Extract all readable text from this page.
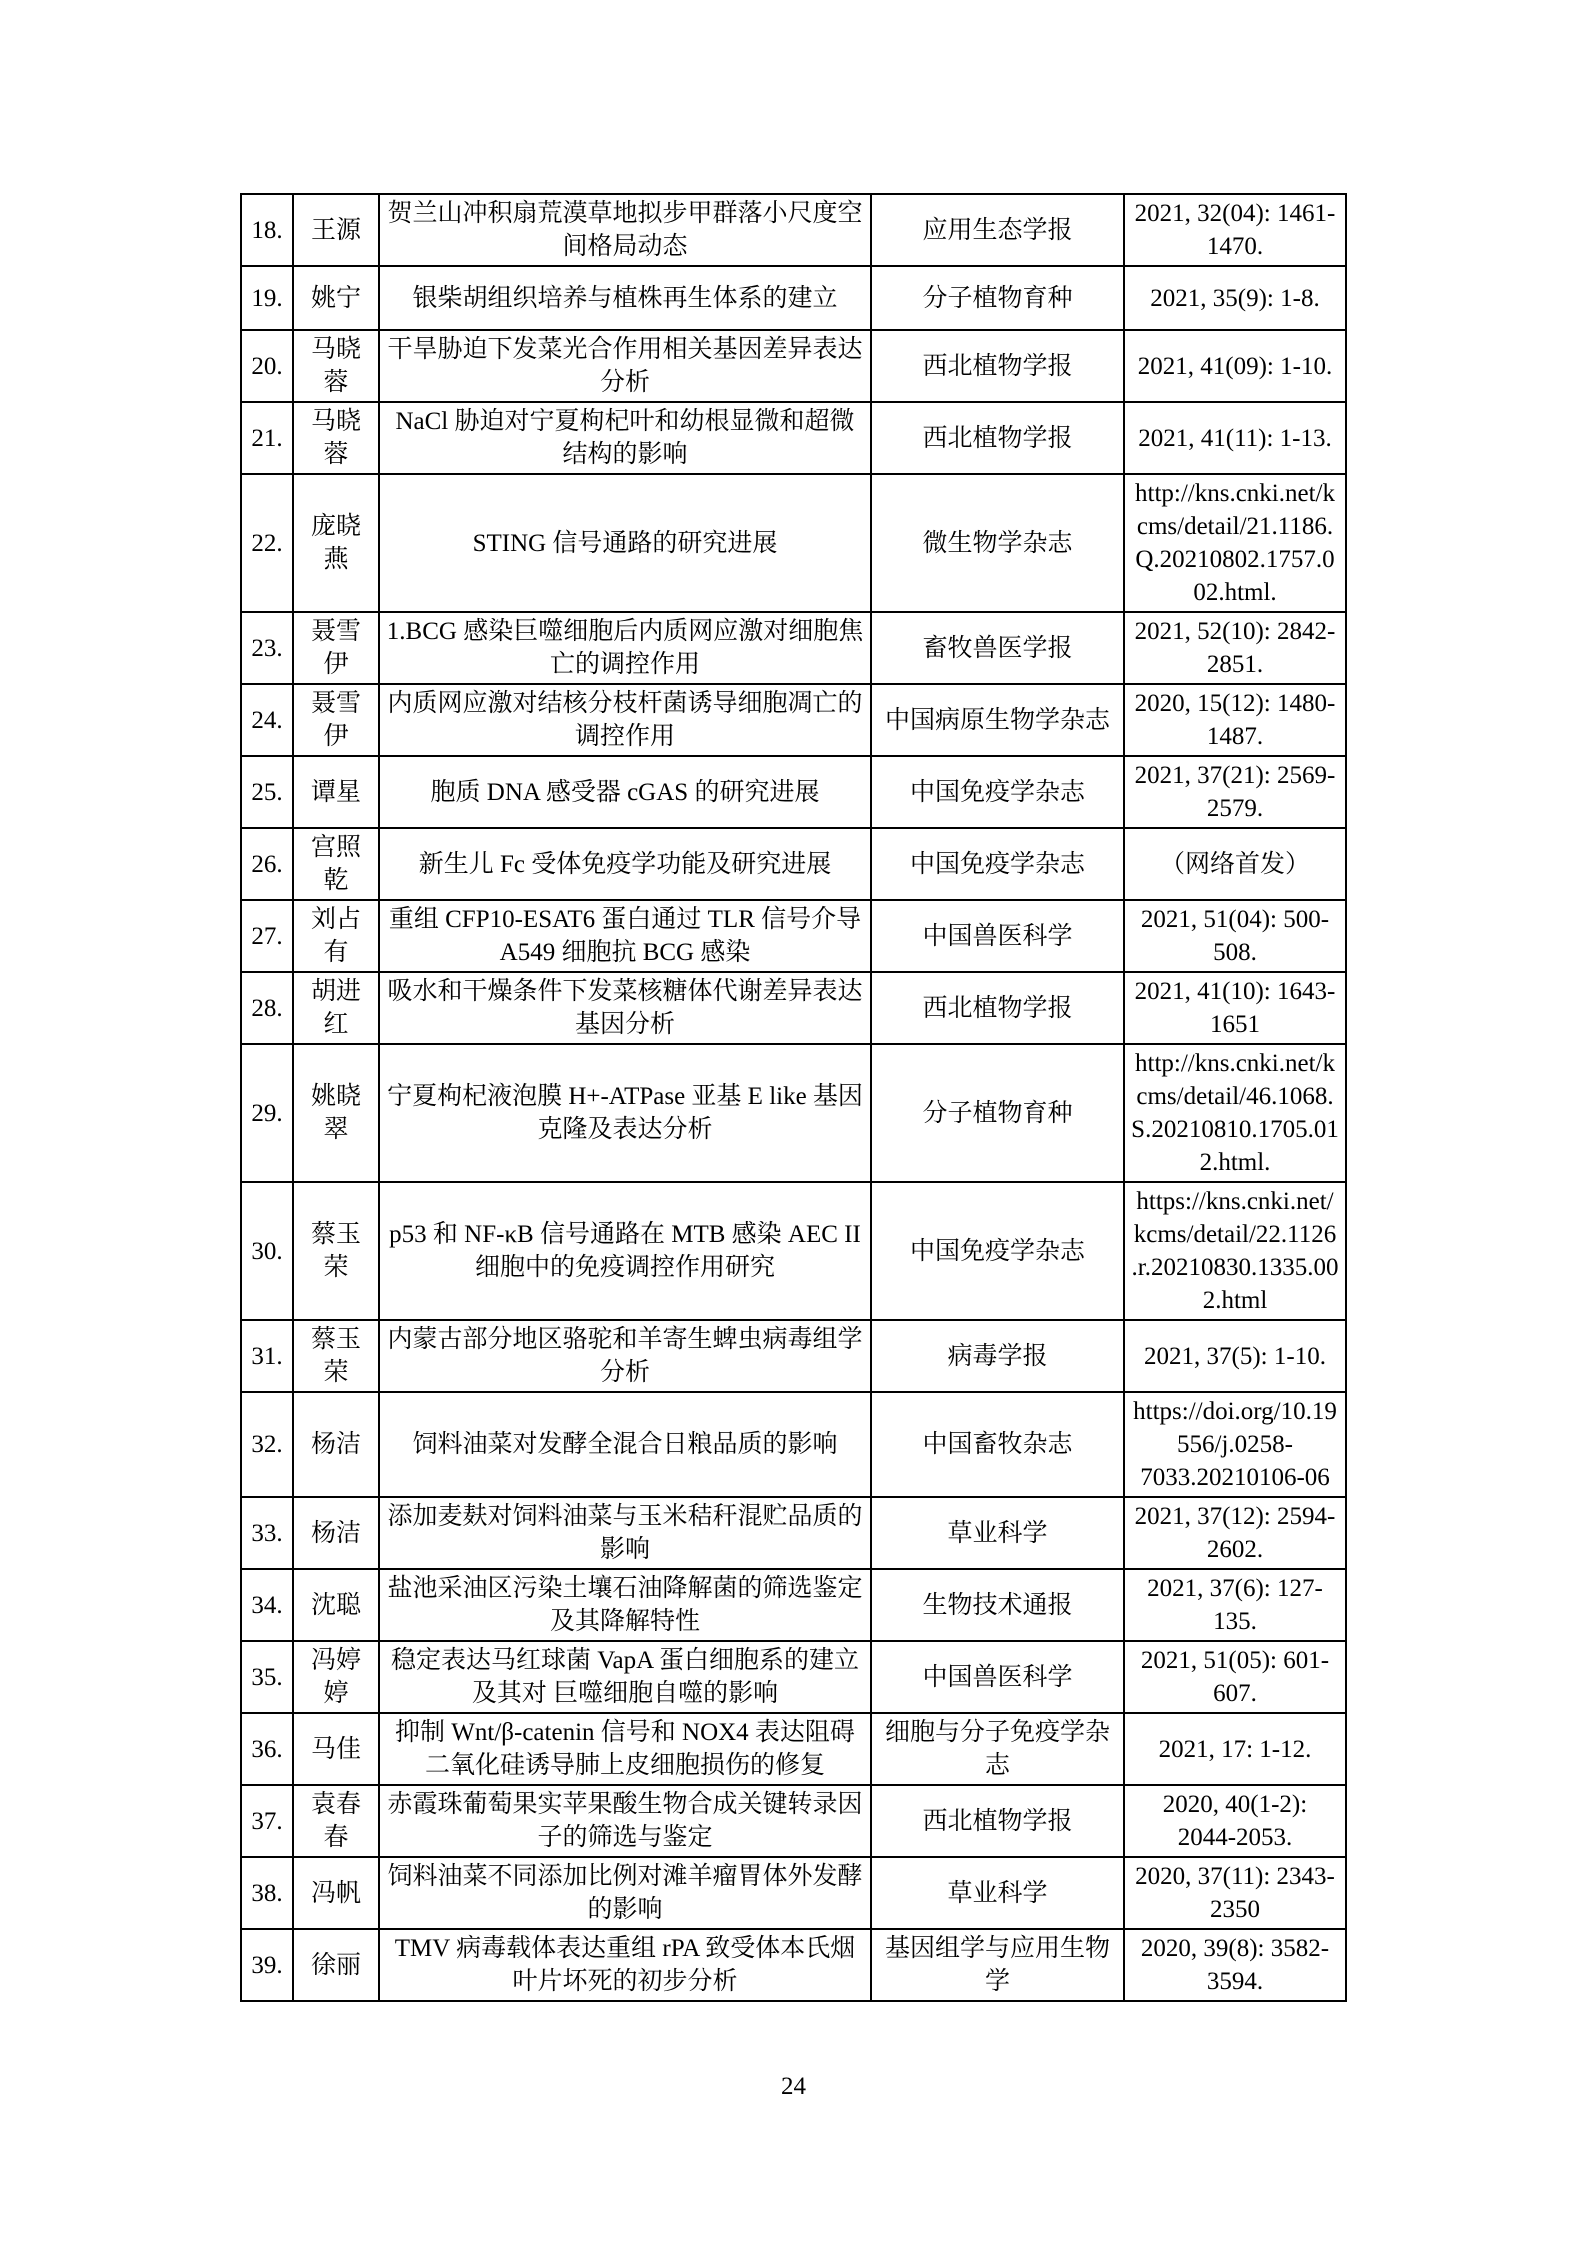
18.	王源	贺兰山冲积扇荒漠草地拟步甲群落小尺度空间格局动态	应用生态学报	2021, 32(04): 1461-1470.
19.	姚宁	银柴胡组织培养与植株再生体系的建立	分子植物育种	2021, 35(9): 1-8.
20.	马晓蓉	干旱胁迫下发菜光合作用相关基因差异表达分析	西北植物学报	2021, 41(09): 1-10.
21.	马晓蓉	NaCl 胁迫对宁夏枸杞叶和幼根显微和超微结构的影响	西北植物学报	2021, 41(11): 1-13.
22.	庞晓燕	STING 信号通路的研究进展	微生物学杂志	http://kns.cnki.net/kcms/detail/21.1186.Q.20210802.1757.002.html.
23.	聂雪伊	1.BCG 感染巨噬细胞后内质网应激对细胞焦亡的调控作用	畜牧兽医学报	2021, 52(10): 2842-2851.
24.	聂雪伊	内质网应激对结核分枝杆菌诱导细胞凋亡的调控作用	中国病原生物学杂志	2020, 15(12): 1480-1487.
25.	谭星	胞质 DNA 感受器 cGAS 的研究进展	中国免疫学杂志	2021, 37(21): 2569-2579.
26.	宫照乾	新生儿 Fc 受体免疫学功能及研究进展	中国免疫学杂志	（网络首发）
27.	刘占有	重组 CFP10-ESAT6 蛋白通过 TLR 信号介导 A549 细胞抗 BCG 感染	中国兽医科学	2021, 51(04): 500-508.
28.	胡进红	吸水和干燥条件下发菜核糖体代谢差异表达基因分析	西北植物学报	2021, 41(10): 1643-1651
29.	姚晓翠	宁夏枸杞液泡膜 H+-ATPase 亚基 E like 基因克隆及表达分析	分子植物育种	http://kns.cnki.net/kcms/detail/46.1068.S.20210810.1705.012.html.
30.	蔡玉荣	p53 和 NF-κB 信号通路在 MTB 感染 AEC II细胞中的免疫调控作用研究	中国免疫学杂志	https://kns.cnki.net/kcms/detail/22.1126.r.20210830.1335.002.html
31.	蔡玉荣	内蒙古部分地区骆驼和羊寄生蜱虫病毒组学分析	病毒学报	2021, 37(5): 1-10.
32.	杨洁	饲料油菜对发酵全混合日粮品质的影响	中国畜牧杂志	https://doi.org/10.19556/j.0258-7033.20210106-06
33.	杨洁	添加麦麸对饲料油菜与玉米秸秆混贮品质的影响	草业科学	2021, 37(12): 2594-2602.
34.	沈聪	盐池采油区污染土壤石油降解菌的筛选鉴定及其降解特性	生物技术通报	2021, 37(6): 127-135.
35.	冯婷婷	稳定表达马红球菌 VapA 蛋白细胞系的建立及其对 巨噬细胞自噬的影响	中国兽医科学	2021, 51(05): 601- 607.
36.	马佳	抑制 Wnt/β-catenin 信号和 NOX4 表达阻碍二氧化硅诱导肺上皮细胞损伤的修复	细胞与分子免疫学杂志	2021, 17: 1-12.
37.	袁春春	赤霞珠葡萄果实苹果酸生物合成关键转录因子的筛选与鉴定	西北植物学报	2020, 40(1-2): 2044-2053.
38.	冯帆	饲料油菜不同添加比例对滩羊瘤胃体外发酵的影响	草业科学	2020, 37(11): 2343-2350
39.	徐丽	TMV 病毒载体表达重组 rPA 致受体本氏烟叶片坏死的初步分析	基因组学与应用生物学	2020, 39(8): 3582-3594.
24
